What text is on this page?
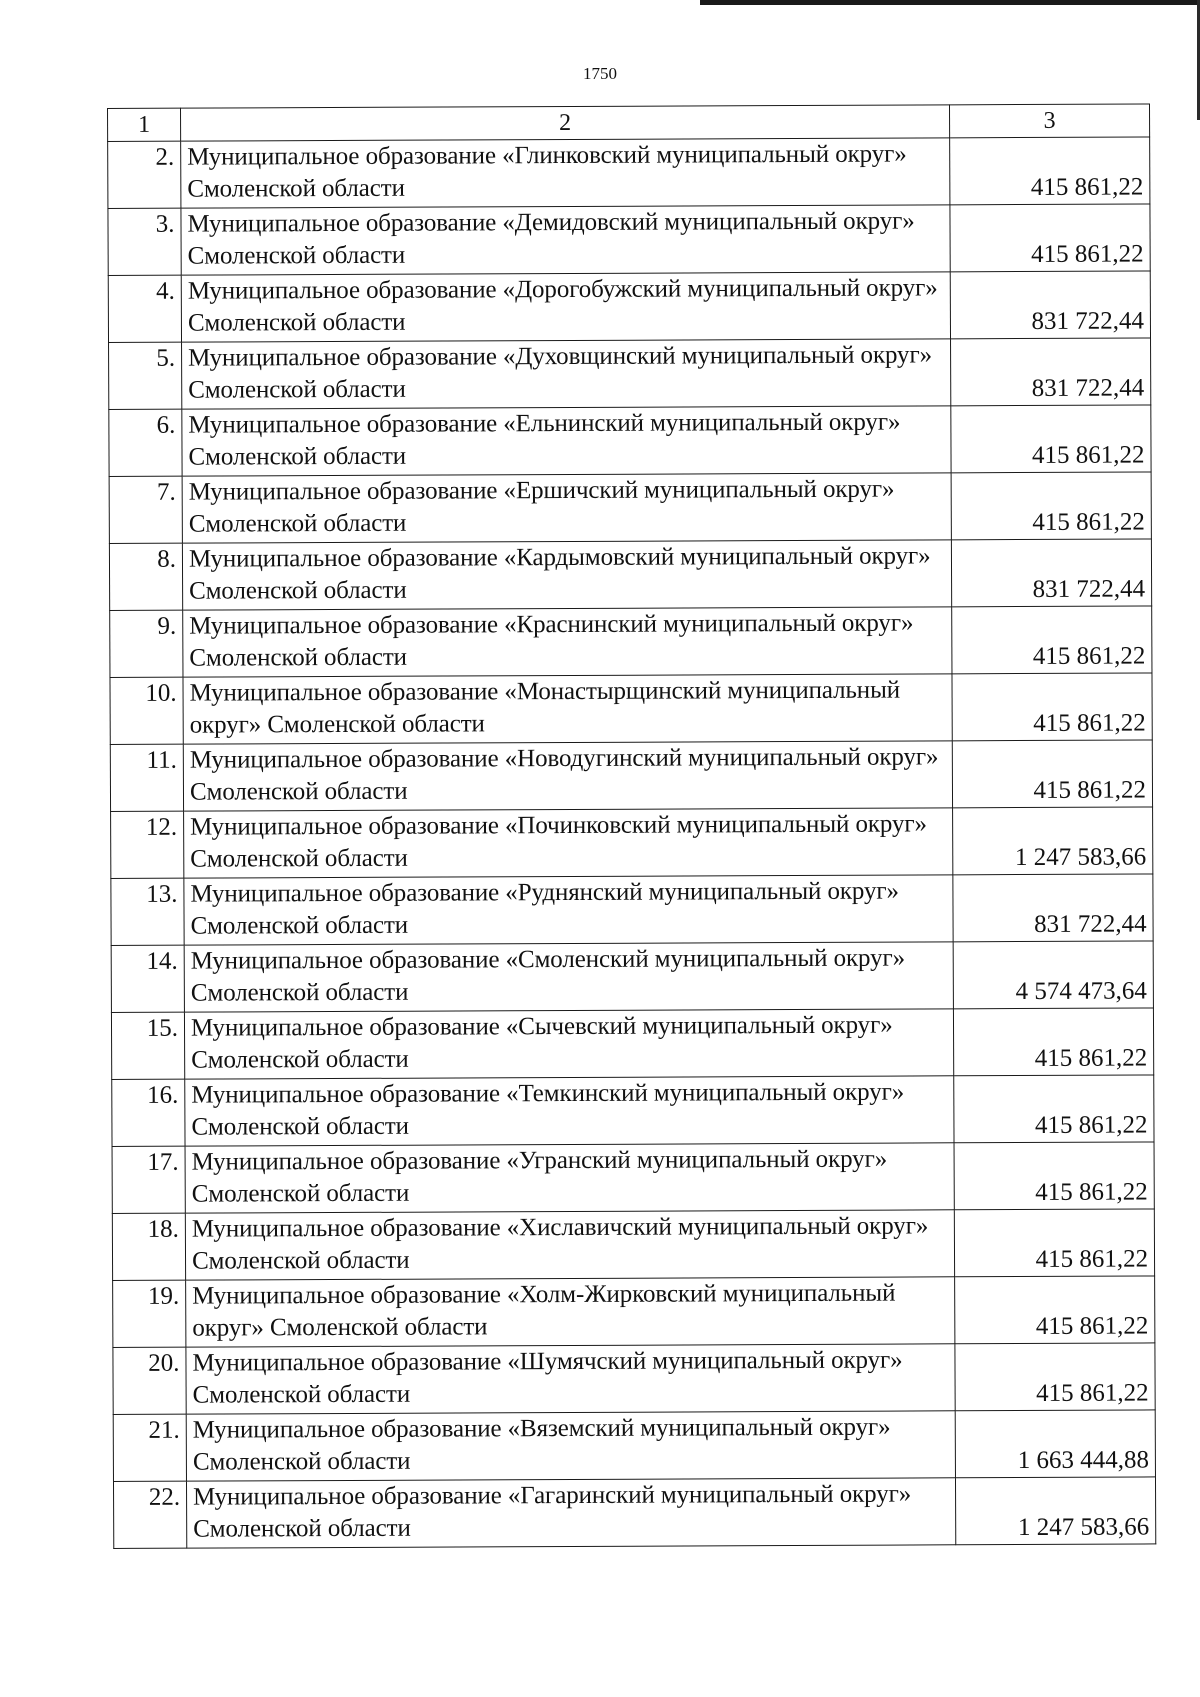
1750
1	2	3
2.	Муниципальное образование «Глинковский муниципальный округ» Смоленской области	415 861,22
3.	Муниципальное образование «Демидовский муниципальный округ» Смоленской области	415 861,22
4.	Муниципальное образование «Дорогобужский муниципальный округ» Смоленской области	831 722,44
5.	Муниципальное образование «Духовщинский муниципальный округ» Смоленской области	831 722,44
6.	Муниципальное образование «Ельнинский муниципальный округ» Смоленской области	415 861,22
7.	Муниципальное образование «Ершичский муниципальный округ» Смоленской области	415 861,22
8.	Муниципальное образование «Кардымовский муниципальный округ» Смоленской области	831 722,44
9.	Муниципальное образование «Краснинский муниципальный округ» Смоленской области	415 861,22
10.	Муниципальное образование «Монастырщинский муниципальный округ» Смоленской области	415 861,22
11.	Муниципальное образование «Новодугинский муниципальный округ» Смоленской области	415 861,22
12.	Муниципальное образование «Починковский муниципальный округ» Смоленской области	1 247 583,66
13.	Муниципальное образование «Руднянский муниципальный округ» Смоленской области	831 722,44
14.	Муниципальное образование «Смоленский муниципальный округ» Смоленской области	4 574 473,64
15.	Муниципальное образование «Сычевский муниципальный округ» Смоленской области	415 861,22
16.	Муниципальное образование «Темкинский муниципальный округ» Смоленской области	415 861,22
17.	Муниципальное образование «Угранский муниципальный округ» Смоленской области	415 861,22
18.	Муниципальное образование «Хиславичский муниципальный округ» Смоленской области	415 861,22
19.	Муниципальное образование «Холм-Жирковский муниципальный округ» Смоленской области	415 861,22
20.	Муниципальное образование «Шумячский муниципальный округ» Смоленской области	415 861,22
21.	Муниципальное образование «Вяземский муниципальный округ» Смоленской области	1 663 444,88
22.	Муниципальное образование «Гагаринский муниципальный округ» Смоленской области	1 247 583,66
